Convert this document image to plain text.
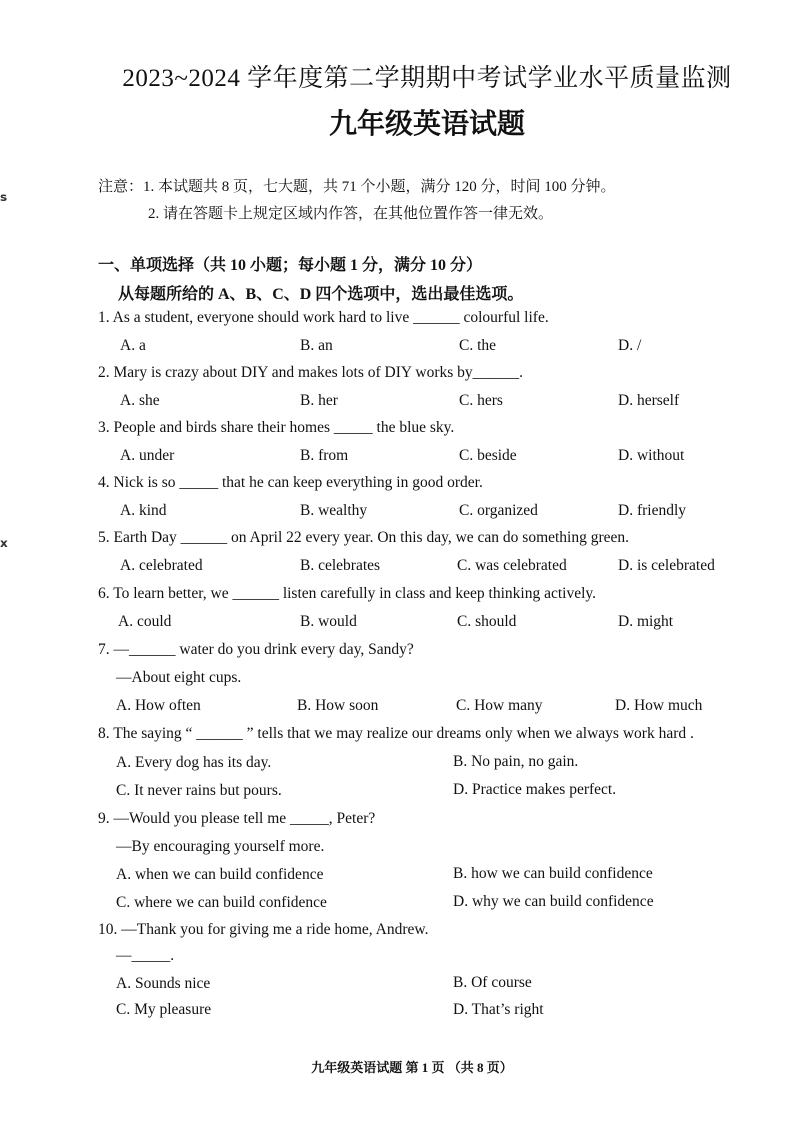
𝘀
𝘅
2023~2024 学年度第二学期期中考试学业水平质量监测
九年级英语试题
注意：1. 本试题共 8 页，七大题，共 71 个小题，满分 120 分，时间 100 分钟。
2. 请在答题卡上规定区域内作答，在其他位置作答一律无效。
一、单项选择（共 10 小题；每小题 1 分，满分 10 分）
从每题所给的 A、B、C、D 四个选项中，选出最佳选项。
1. As a student, everyone should work hard to live ______ colourful life.
A. a	B. an	C. the	D. /
2. Mary is crazy about DIY and makes lots of DIY works by______.
A. she	B. her	C. hers	D. herself
3. People and birds share their homes _____ the blue sky.
A. under	B. from	C. beside	D. without
4. Nick is so _____ that he can keep everything in good order.
A. kind	B. wealthy	C. organized	D. friendly
5. Earth Day ______ on April 22 every year. On this day, we can do something green.
A. celebrated	B. celebrates	C. was celebrated	D. is celebrated
6. To learn better, we ______ listen carefully in class and keep thinking actively.
A. could	B. would	C. should	D. might
7. —______ water do you drink every day, Sandy?
—About eight cups.
A. How often	B. How soon	C. How many	D. How much
8. The saying “ ______ ” tells that we may realize our dreams only when we always work hard .
A. Every dog has its day.	B. No pain, no gain.
C. It never rains but pours.	D. Practice makes perfect.
9. —Would you please tell me _____, Peter?
—By encouraging yourself more.
A. when we can build confidence	B. how we can build confidence
C. where we can build confidence	D. why we can build confidence
10. —Thank you for giving me a ride home, Andrew.
—_____.
A. Sounds nice	B. Of course
C. My pleasure	D. That’s right
九年级英语试题 第 1 页 （共 8 页）
